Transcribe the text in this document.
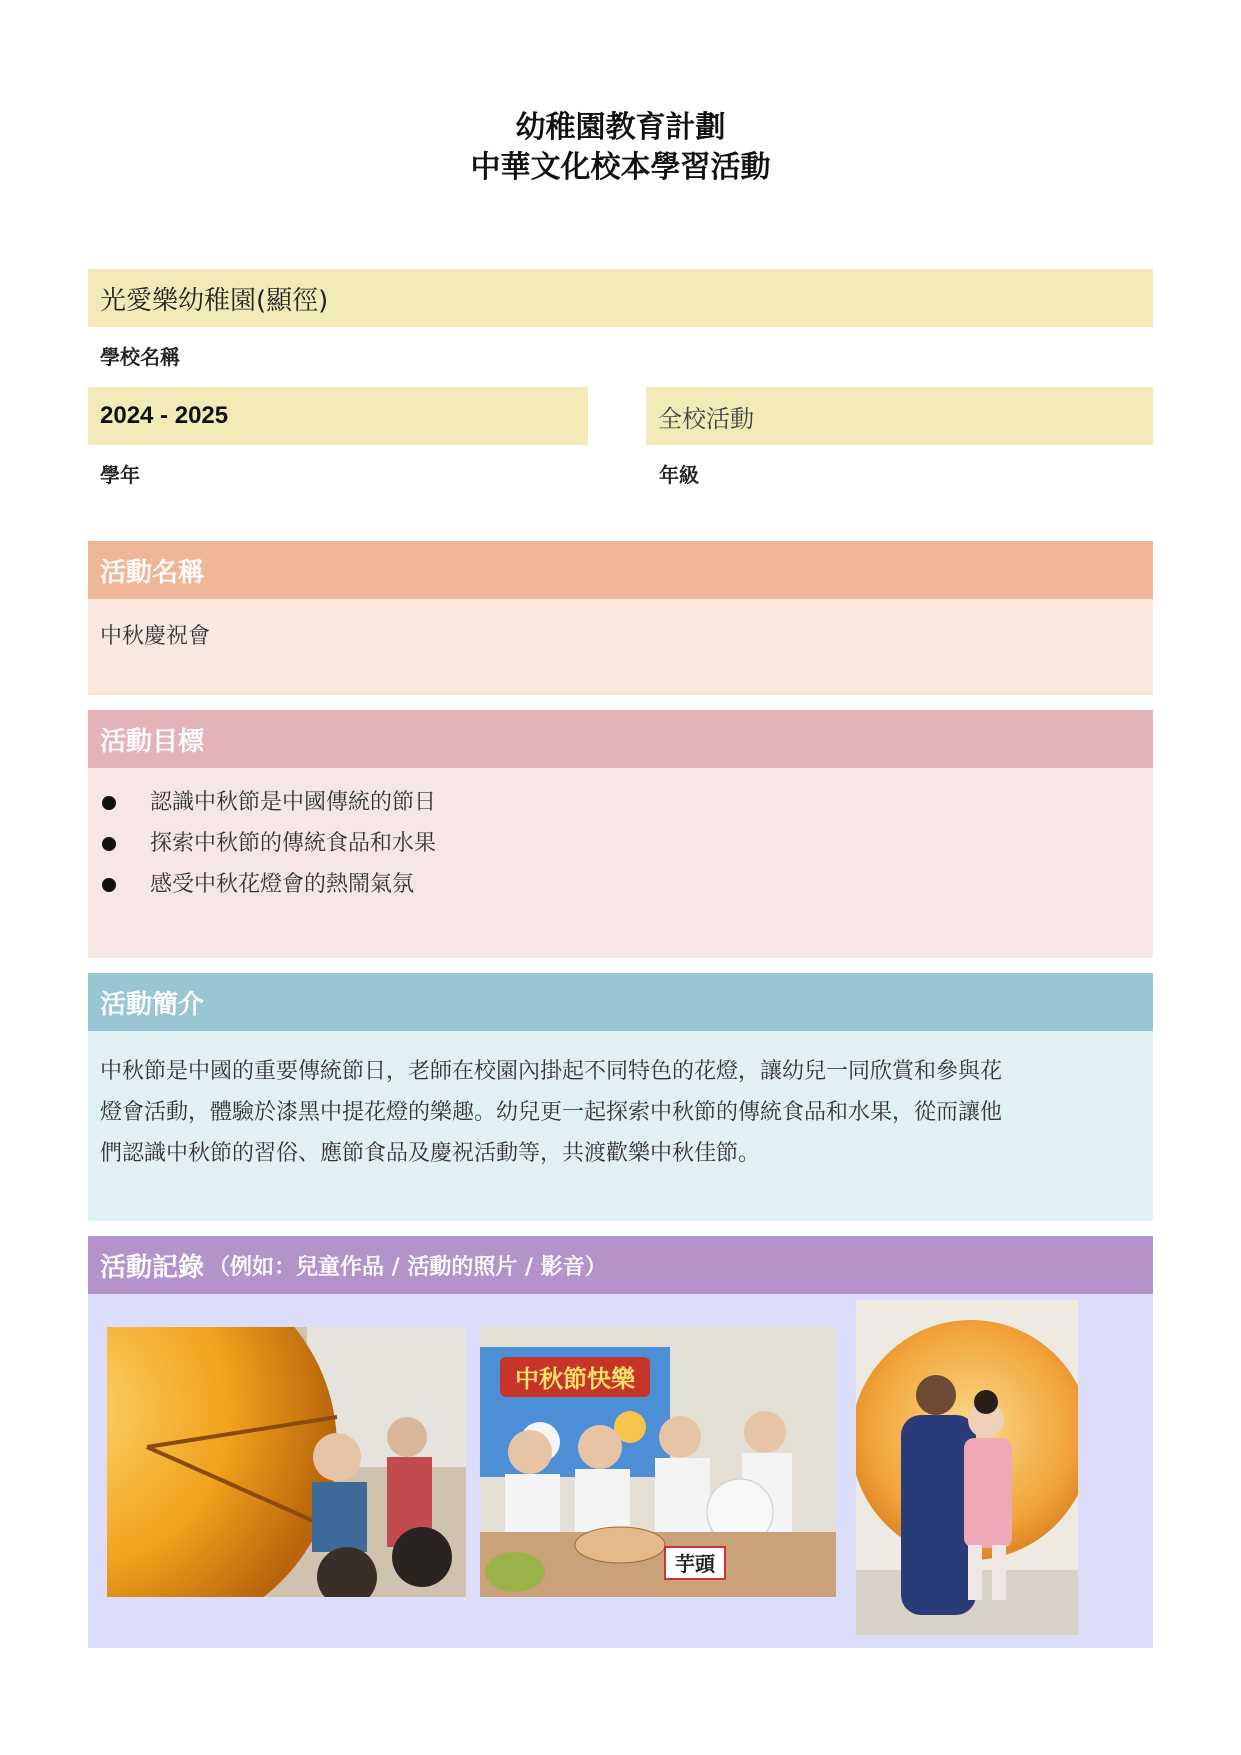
幼稚園教育計劃
中華文化校本學習活動
光愛樂幼稚園(顯徑)
學校名稱
2024 - 2025
學年
全校活動
年級
活動名稱
中秋慶祝會
活動目標
認識中秋節是中國傳統的節日
探索中秋節的傳統食品和水果
感受中秋花燈會的熱鬧氣氛
活動簡介
中秋節是中國的重要傳統節日，老師在校園內掛起不同特色的花燈，讓幼兒一同欣賞和參與花
燈會活動，體驗於漆黑中提花燈的樂趣。幼兒更一起探索中秋節的傳統食品和水果，從而讓他
們認識中秋節的習俗、應節食品及慶祝活動等，共渡歡樂中秋佳節。
活動記錄 （例如：兒童作品 / 活動的照片 / 影音）
中秋節快樂
芋頭
